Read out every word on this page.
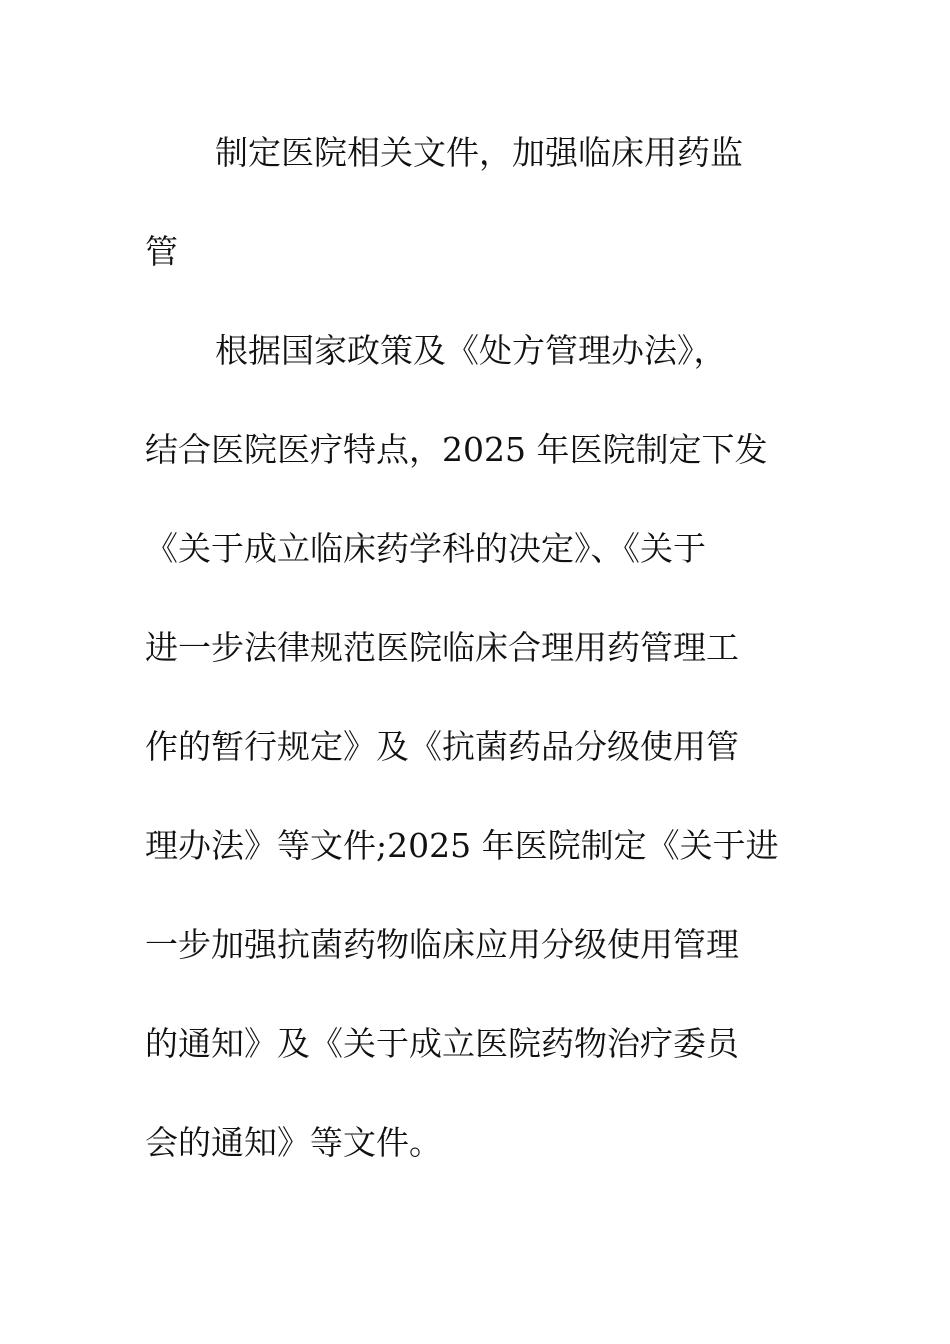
制定医院相关文件，加强临床用药监
管
根据国家政策及《处方管理办法》，
结合医院医疗特点，2025 年医院制定下发
《关于成立临床药学科的决定》、《关于
进一步法律规范医院临床合理用药管理工
作的暂行规定》及《抗菌药品分级使用管
理办法》等文件;2025 年医院制定《关于进
一步加强抗菌药物临床应用分级使用管理
的通知》及《关于成立医院药物治疗委员
会的通知》等文件。
